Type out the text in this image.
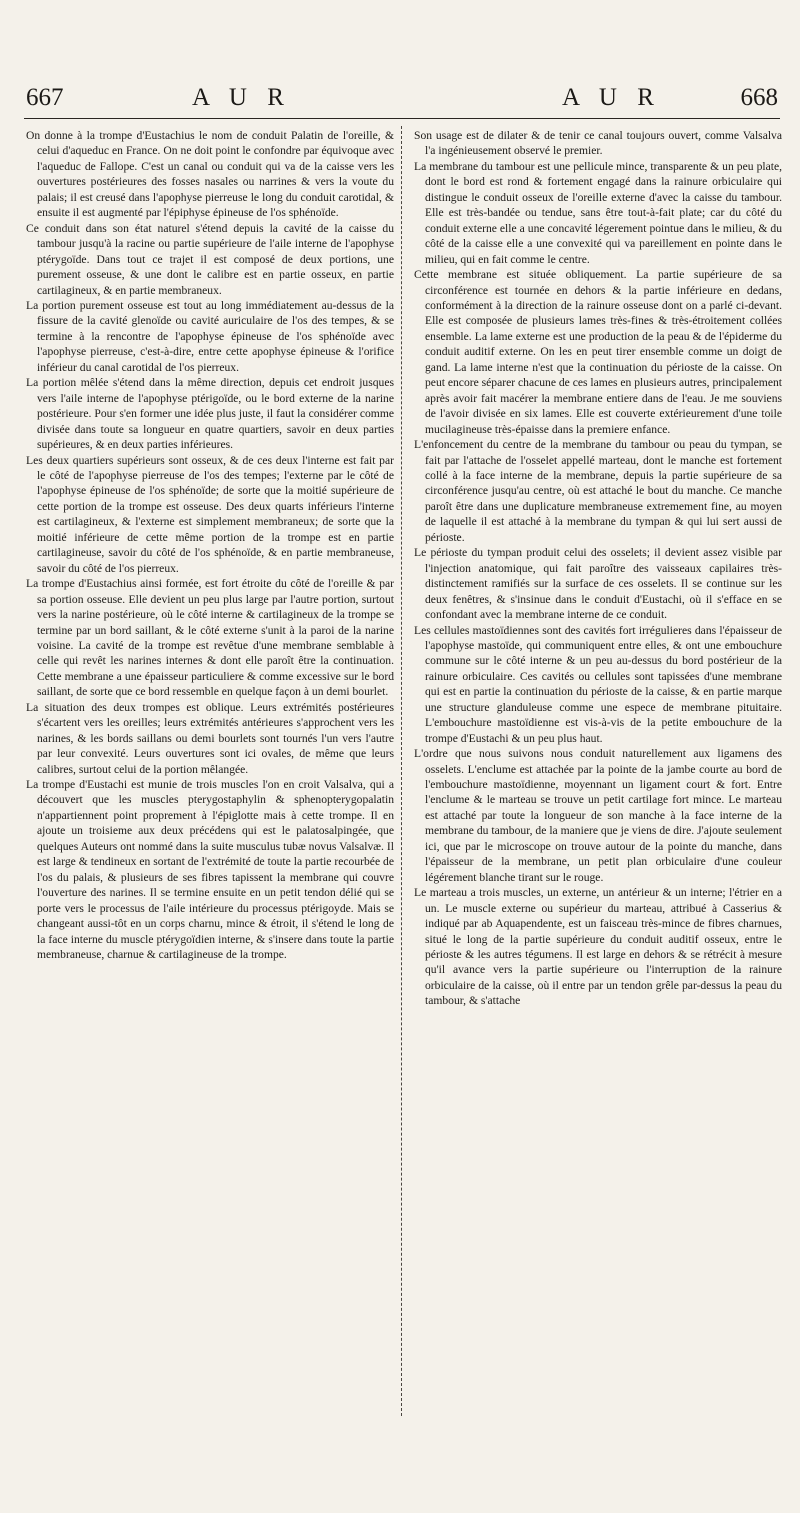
667	A U R	A U R	668

On donne à la trompe d'Eustachius le nom de conduit Palatin de l'oreille, & celui d'aqueduc en France. On ne doit point le confondre par équivoque avec l'aqueduc de Fallope. C'est un canal ou conduit qui va de la caisse vers les ouvertures postérieures des fosses nasales ou narrines & vers la voute du palais; il est creusé dans l'apophyse pierreuse le long du conduit carotidal, & ensuite il est augmenté par l'épiphyse épineuse de l'os sphénoïde.

Ce conduit dans son état naturel s'étend depuis la cavité de la caisse du tambour jusqu'à la racine ou partie supérieure de l'aile interne de l'apophyse ptérygoïde. Dans tout ce trajet il est composé de deux portions, une purement osseuse, & une dont le calibre est en partie osseux, en partie cartilagineux, & en partie membraneux.

La portion purement osseuse est tout au long immédiatement au-dessus de la fissure de la cavité glenoïde ou cavité auriculaire de l'os des tempes, & se termine à la rencontre de l'apophyse épineuse de l'os sphénoïde avec l'apophyse pierreuse, c'est-à-dire, entre cette apophyse épineuse & l'orifice inférieur du canal carotidal de l'os pierreux.

La portion mêlée s'étend dans la même direction, depuis cet endroit jusques vers l'aile interne de l'apophyse ptérigoïde, ou le bord externe de la narine postérieure. Pour s'en former une idée plus juste, il faut la considérer comme divisée dans toute sa longueur en quatre quartiers, savoir en deux parties supérieures, & en deux parties inférieures.

Les deux quartiers supérieurs sont osseux, & de ces deux l'interne est fait par le côté de l'apophyse pierreuse de l'os des tempes; l'externe par le côté de l'apophyse épineuse de l'os sphénoïde; de sorte que la moitié supérieure de cette portion de la trompe est osseuse. Des deux quarts inférieurs l'interne est cartilagineux, & l'externe est simplement membraneux; de sorte que la moitié inférieure de cette même portion de la trompe est en partie cartilagineuse, savoir du côté de l'os sphénoïde, & en partie membraneuse, savoir du côté de l'os pierreux.

La trompe d'Eustachius ainsi formée, est fort étroite du côté de l'oreille & par sa portion osseuse. Elle devient un peu plus large par l'autre portion, surtout vers la narine postérieure, où le côté interne & cartilagineux de la trompe se termine par un bord saillant, & le côté externe s'unit à la paroi de la narine voisine. La cavité de la trompe est revêtue d'une membrane semblable à celle qui revêt les narines internes & dont elle paroît être la continuation. Cette membrane a une épaisseur particuliere & comme excessive sur le bord saillant, de sorte que ce bord ressemble en quelque façon à un demi bourlet.

La situation des deux trompes est oblique. Leurs extrémités postérieures s'écartent vers les oreilles; leurs extrémités antérieures s'approchent vers les narines, & les bords saillans ou demi bourlets sont tournés l'un vers l'autre par leur convexité. Leurs ouvertures sont ici ovales, de même que leurs calibres, surtout celui de la portion mêlangée.

La trompe d'Eustachi est munie de trois muscles l'on en croit Valsalva, qui a découvert que les muscles pterygostaphylin & sphenopterygopalatin n'appartiennent point proprement à l'épiglotte mais à cette trompe. Il en ajoute un troisieme aux deux précédens qui est le palatosalpingée, que quelques Auteurs ont nommé dans la suite musculus tubæ novus Valsalvæ. Il est large & tendineux en sortant de l'extrémité de toute la partie recourbée de l'os du palais, & plusieurs de ses fibres tapissent la membrane qui couvre l'ouverture des narines. Il se termine ensuite en un petit tendon délié qui se porte vers le processus de l'aile intérieure du processus ptérigoyde. Mais se changeant aussi-tôt en un corps charnu, mince & étroit, il s'étend le long de la face interne du muscle ptérygoïdien interne, & s'insere dans toute la partie membraneuse, charnue & cartilagineuse de la trompe.

Son usage est de dilater & de tenir ce canal toujours ouvert, comme Valsalva l'a ingénieusement observé le premier.

La membrane du tambour est une pellicule mince, transparente & un peu plate, dont le bord est rond & fortement engagé dans la rainure orbiculaire qui distingue le conduit osseux de l'oreille externe d'avec la caisse du tambour. Elle est très-bandée ou tendue, sans être tout-à-fait plate; car du côté du conduit externe elle a une concavité légerement pointue dans le milieu, & du côté de la caisse elle a une convexité qui va pareillement en pointe dans le milieu, qui en fait comme le centre.

Cette membrane est située obliquement. La partie supérieure de sa circonférence est tournée en dehors & la partie inférieure en dedans, conformément à la direction de la rainure osseuse dont on a parlé ci-devant. Elle est composée de plusieurs lames très-fines & très-étroitement collées ensemble. La lame externe est une production de la peau & de l'épiderme du conduit auditif externe. On les en peut tirer ensemble comme un doigt de gand. La lame interne n'est que la continuation du périoste de la caisse. On peut encore séparer chacune de ces lames en plusieurs autres, principalement après avoir fait macérer la membrane entiere dans de l'eau. Je me souviens de l'avoir divisée en six lames. Elle est couverte extérieurement d'une toile mucilagineuse très-épaisse dans la premiere enfance.

L'enfoncement du centre de la membrane du tambour ou peau du tympan, se fait par l'attache de l'osselet appellé marteau, dont le manche est fortement collé à la face interne de la membrane, depuis la partie supérieure de sa circonférence jusqu'au centre, où est attaché le bout du manche. Ce manche paroît être dans une duplicature membraneuse extremement fine, au moyen de laquelle il est attaché à la membrane du tympan & qui lui sert aussi de périoste.

Le périoste du tympan produit celui des osselets; il devient assez visible par l'injection anatomique, qui fait paroître des vaisseaux capilaires très-distinctement ramifiés sur la surface de ces osselets. Il se continue sur les deux fenêtres, & s'insinue dans le conduit d'Eustachi, où il s'efface en se confondant avec la membrane interne de ce conduit.

Les cellules mastoïdiennes sont des cavités fort irrégulieres dans l'épaisseur de l'apophyse mastoïde, qui communiquent entre elles, & ont une embouchure commune sur le côté interne & un peu au-dessus du bord postérieur de la rainure orbiculaire. Ces cavités ou cellules sont tapissées d'une membrane qui est en partie la continuation du périoste de la caisse, & en partie marque une structure glanduleuse comme une espece de membrane pituitaire. L'embouchure mastoïdienne est vis-à-vis de la petite embouchure de la trompe d'Eustachi & un peu plus haut.

L'ordre que nous suivons nous conduit naturellement aux ligamens des osselets. L'enclume est attachée par la pointe de la jambe courte au bord de l'embouchure mastoïdienne, moyennant un ligament court & fort. Entre l'enclume & le marteau se trouve un petit cartilage fort mince. Le marteau est attaché par toute la longueur de son manche à la face interne de la membrane du tambour, de la maniere que je viens de dire. J'ajoute seulement ici, que par le microscope on trouve autour de la pointe du manche, dans l'épaisseur de la membrane, un petit plan orbiculaire d'une couleur légérement blanche tirant sur le rouge.

Le marteau a trois muscles, un externe, un antérieur & un interne; l'étrier en a un. Le muscle externe ou supérieur du marteau, attribué à Casserius & indiqué par ab Aquapendente, est un faisceau très-mince de fibres charnues, situé le long de la partie supérieure du conduit auditif osseux, entre le périoste & les autres tégumens. Il est large en dehors & se rétrécit à mesure qu'il avance vers la partie supérieure ou l'interruption de la rainure orbiculaire de la caisse, où il entre par un tendon grêle par-dessus la peau du tambour, & s'attache
